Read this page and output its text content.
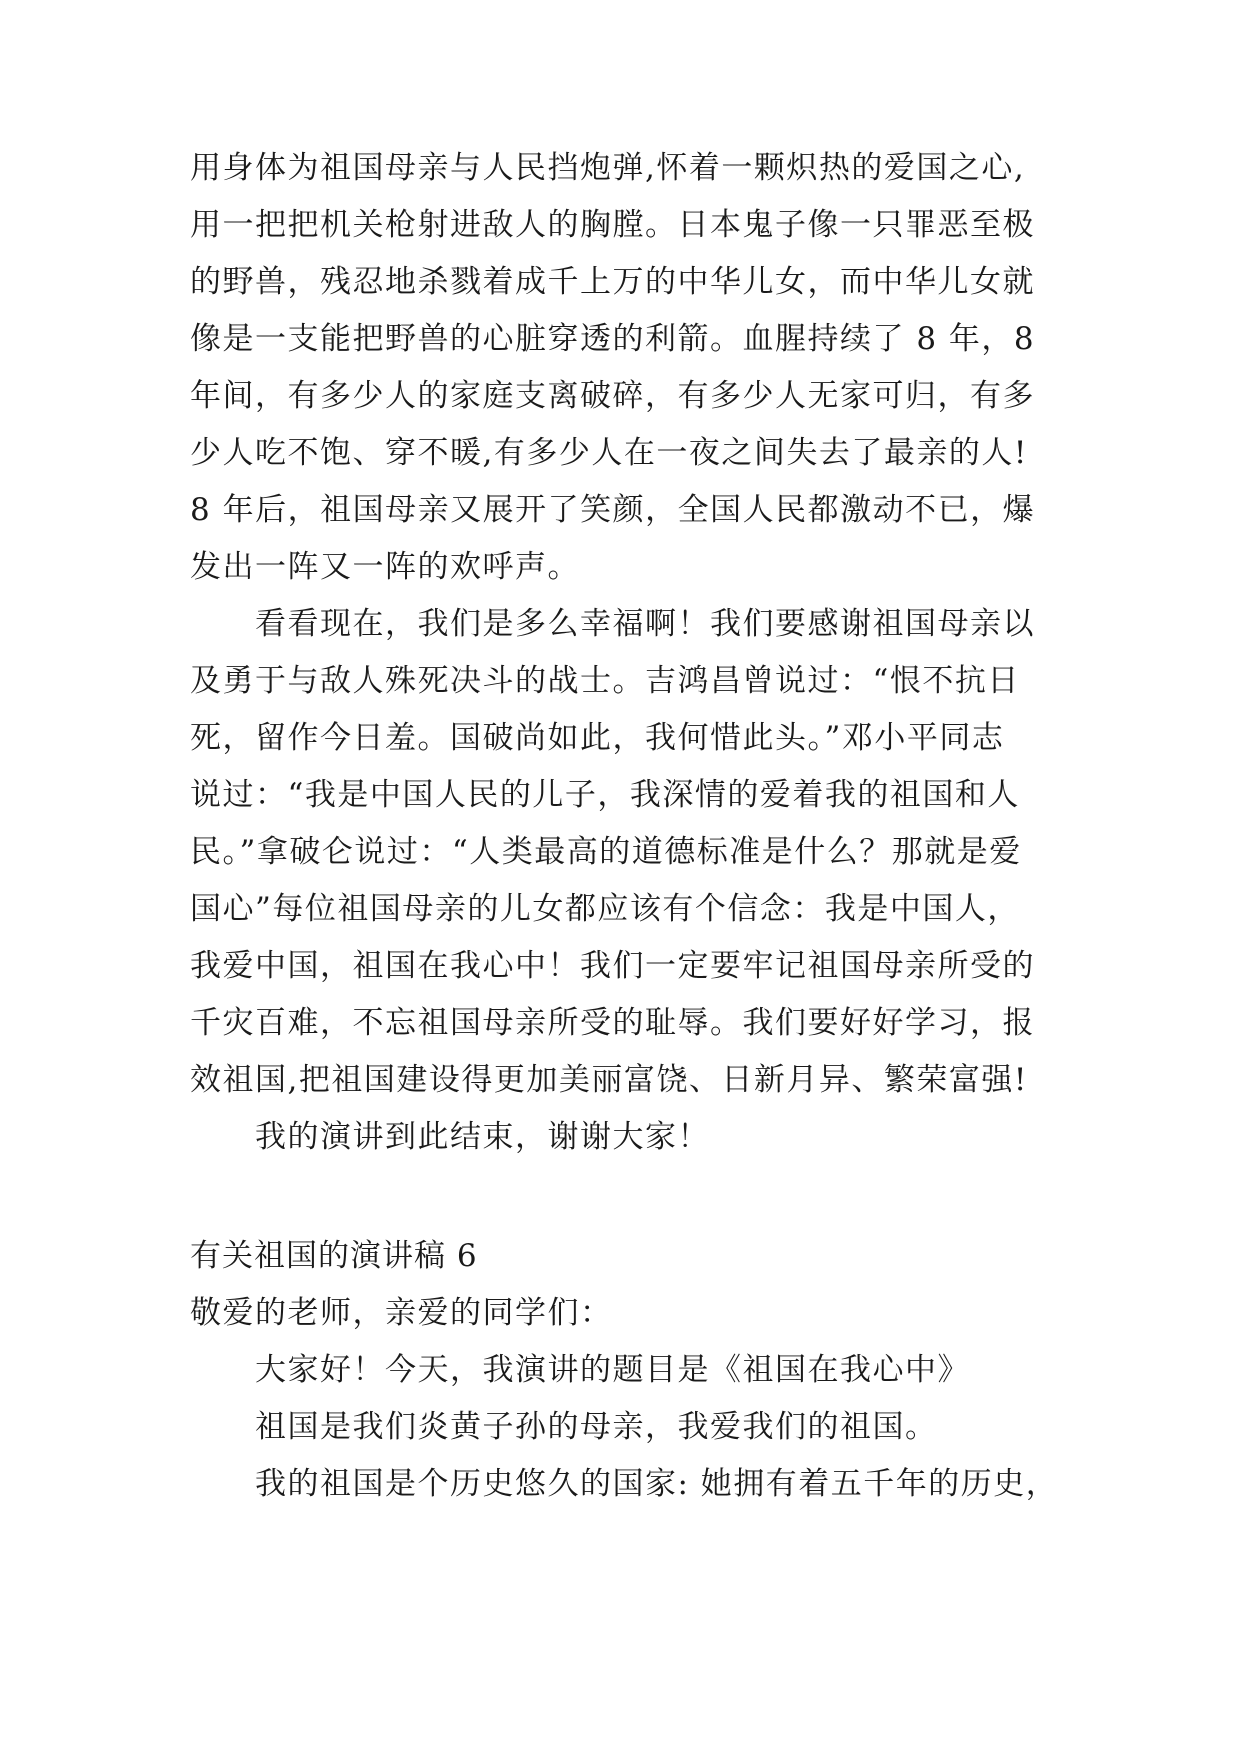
用身体为祖国母亲与人民挡炮弹,怀着一颗炽热的爱国之心,
用一把把机关枪射进敌人的胸膛。日本鬼子像一只罪恶至极
的野兽，残忍地杀戮着成千上万的中华儿女，而中华儿女就
像是一支能把野兽的心脏穿透的利箭。血腥持续了 8 年，8
年间，有多少人的家庭支离破碎，有多少人无家可归，有多
少人吃不饱、穿不暖,有多少人在一夜之间失去了最亲的人!
8 年后，祖国母亲又展开了笑颜，全国人民都激动不已，爆
发出一阵又一阵的欢呼声。
看看现在，我们是多么幸福啊！我们要感谢祖国母亲以
及勇于与敌人殊死决斗的战士。吉鸿昌曾说过：“恨不抗日
死，留作今日羞。国破尚如此，我何惜此头。”邓小平同志
说过：“我是中国人民的儿子，我深情的爱着我的祖国和人
民。”拿破仑说过：“人类最高的道德标准是什么？那就是爱
国心”每位祖国母亲的儿女都应该有个信念：我是中国人，
我爱中国，祖国在我心中！我们一定要牢记祖国母亲所受的
千灾百难，不忘祖国母亲所受的耻辱。我们要好好学习，报
效祖国,把祖国建设得更加美丽富饶、日新月异、繁荣富强!
我的演讲到此结束，谢谢大家！
有关祖国的演讲稿 6
敬爱的老师，亲爱的同学们：
大家好！今天，我演讲的题目是《祖国在我心中》
祖国是我们炎黄子孙的母亲，我爱我们的祖国。
我的祖国是个历史悠久的国家: 她拥有着五千年的历史，
